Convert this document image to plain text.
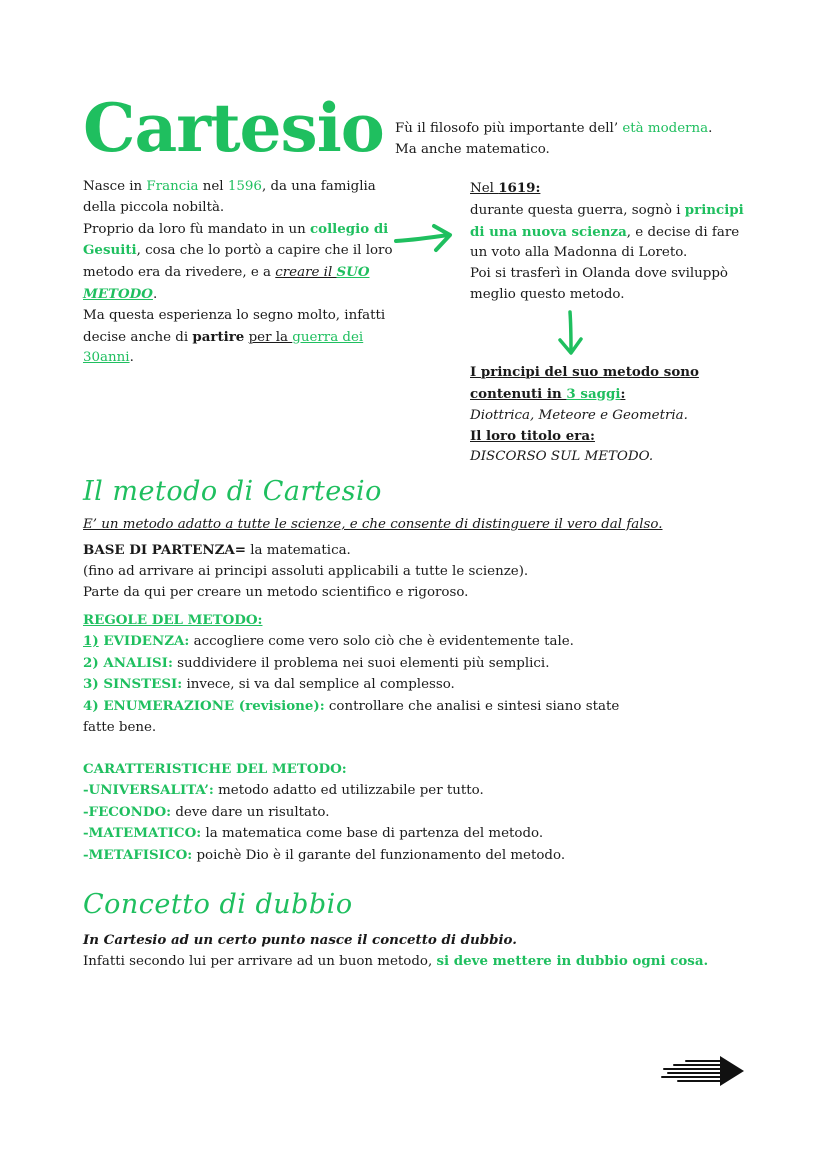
Cartesio Fù il filosofo più importante dell’ età moderna.
Ma anche matematico.
Nasce in Francia nel 1596, da una famiglia della piccola nobiltà.
Proprio da loro fù mandato in un collegio di Gesuiti, cosa che lo portò a capire che il loro metodo era da rivedere, e a creare il SUO METODO.
Ma questa esperienza lo segno molto, infatti decise anche di partire per la guerra dei 30anni.
Nel 1619:
durante questa guerra, sognò i principi di una nuova scienza, e decise di fare un voto alla Madonna di Loreto.
Poi si trasferì in Olanda dove sviluppò meglio questo metodo.
I principi del suo metodo sono contenuti in 3 saggi:
Diottrica, Meteore e Geometria.
Il loro titolo era:
DISCORSO SUL METODO.
Il metodo di Cartesio
E’ un metodo adatto a tutte le scienze, e che consente di distinguere il vero dal falso.
BASE DI PARTENZA= la matematica.
(fino ad arrivare ai principi assoluti applicabili a tutte le scienze).
Parte da qui per creare un metodo scientifico e rigoroso.
REGOLE DEL METODO:
1) EVIDENZA: accogliere come vero solo ciò che è evidentemente tale.
2) ANALISI: suddividere il problema nei suoi elementi più semplici.
3) SINSTESI: invece, si va dal semplice al complesso.
4) ENUMERAZIONE (revisione): controllare che analisi e sintesi siano state fatte bene.
CARATTERISTICHE DEL METODO:
-UNIVERSALITA’: metodo adatto ed utilizzabile per tutto.
-FECONDO: deve dare un risultato.
-MATEMATICO: la matematica come base di partenza del metodo.
-METAFISICO: poichè Dio è il garante del funzionamento del metodo.
Concetto di dubbio
In Cartesio ad un certo punto nasce il concetto di dubbio.
Infatti secondo lui per arrivare ad un buon metodo, si deve mettere in dubbio ogni cosa.
